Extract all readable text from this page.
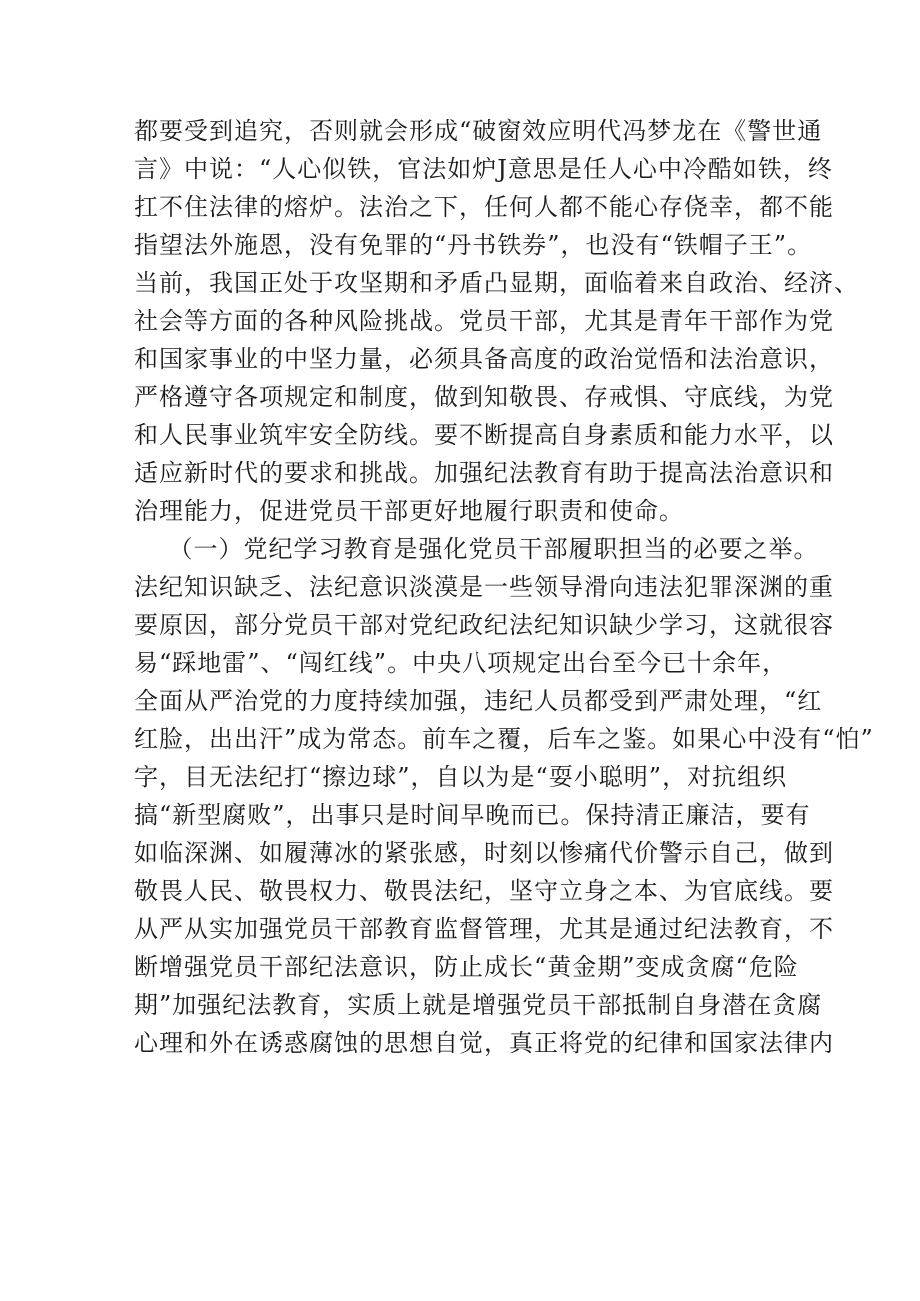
都要受到追究，否则就会形成“破窗效应明代冯梦龙在《警世通
言》中说：“人心似铁，官法如炉J意思是任人心中冷酷如铁，终
扛不住法律的熔炉。法治之下，任何人都不能心存侥幸，都不能
指望法外施恩，没有免罪的“丹书铁券”，也没有“铁帽子王”。
当前，我国正处于攻坚期和矛盾凸显期，面临着来自政治、经济、
社会等方面的各种风险挑战。党员干部，尤其是青年干部作为党
和国家事业的中坚力量，必须具备高度的政治觉悟和法治意识，
严格遵守各项规定和制度，做到知敬畏、存戒惧、守底线，为党
和人民事业筑牢安全防线。要不断提高自身素质和能力水平，以
适应新时代的要求和挑战。加强纪法教育有助于提高法治意识和
治理能力，促进党员干部更好地履行职责和使命。
（一）党纪学习教育是强化党员干部履职担当的必要之举。
法纪知识缺乏、法纪意识淡漠是一些领导滑向违法犯罪深渊的重
要原因，部分党员干部对党纪政纪法纪知识缺少学习，这就很容
易“踩地雷”、“闯红线”。中央八项规定出台至今已十余年，
全面从严治党的力度持续加强，违纪人员都受到严肃处理，“红
红脸，出出汗”成为常态。前车之覆，后车之鉴。如果心中没有“怕”
字，目无法纪打“擦边球”，自以为是“耍小聪明”，对抗组织
搞“新型腐败”，出事只是时间早晚而已。保持清正廉洁，要有
如临深渊、如履薄冰的紧张感，时刻以惨痛代价警示自己，做到
敬畏人民、敬畏权力、敬畏法纪，坚守立身之本、为官底线。要
从严从实加强党员干部教育监督管理，尤其是通过纪法教育，不
断增强党员干部纪法意识，防止成长“黄金期”变成贪腐“危险
期”加强纪法教育，实质上就是增强党员干部抵制自身潜在贪腐
心理和外在诱惑腐蚀的思想自觉，真正将党的纪律和国家法律内
